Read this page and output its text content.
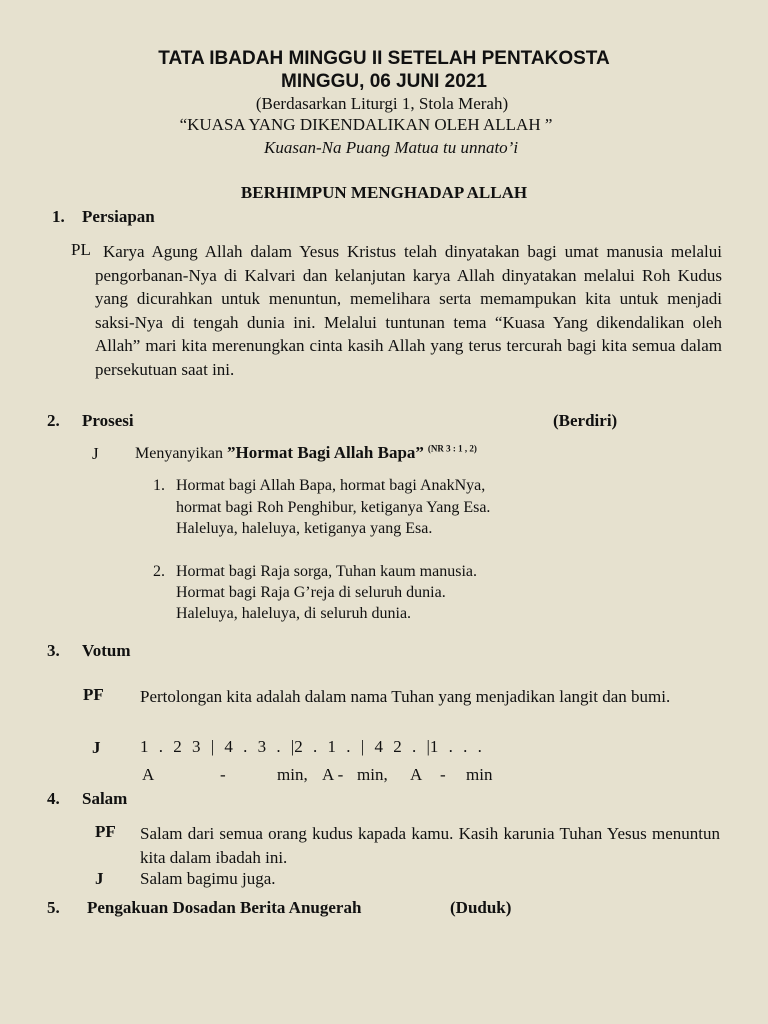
TATA IBADAH MINGGU II SETELAH PENTAKOSTA
MINGGU, 06 JUNI 2021
(Berdasarkan Liturgi 1, Stola Merah)
“KUASA YANG DIKENDALIKAN OLEH ALLAH ”
Kuasan-Na Puang Matua tu unnato’i
BERHIMPUN MENGHADAP ALLAH
1. Persiapan
PL Karya Agung Allah dalam Yesus Kristus telah dinyatakan bagi umat manusia melalui pengorbanan-Nya di Kalvari dan kelanjutan karya Allah dinyatakan melalui Roh Kudus yang dicurahkan untuk menuntun, memelihara serta memampukan kita untuk menjadi saksi-Nya di tengah dunia ini. Melalui tuntunan tema “Kuasa Yang dikendalikan oleh Allah” mari kita merenungkan cinta kasih Allah yang terus tercurah bagi kita semua dalam persekutuan saat ini.
2. Prosesi	(Berdiri)
J Menyanyikan ”Hormat Bagi Allah Bapa” $^{(NR 3 : 1 , 2)}$
1. Hormat bagi Allah Bapa, hormat bagi AnakNya,
hormat bagi Roh Penghibur, ketiganya Yang Esa.
Haleluya, haleluya, ketiganya yang Esa.
2. Hormat bagi Raja sorga, Tuhan kaum manusia.
Hormat bagi Raja G’reja di seluruh dunia.
Haleluya, haleluya, di seluruh dunia.
3. Votum
PF Pertolongan kita adalah dalam nama Tuhan yang menjadikan langit dan bumi.
J 1 . 2 3 | 4 . 3 . |2 . 1 . | 4 2 . |1 . . .
A	-	min, A - min, A - min
4. Salam
PF Salam dari semua orang kudus kapada kamu. Kasih karunia Tuhan Yesus menuntun kita dalam ibadah ini.
J Salam bagimu juga.
5. Pengakuan Dosadan Berita Anugerah	(Duduk)
